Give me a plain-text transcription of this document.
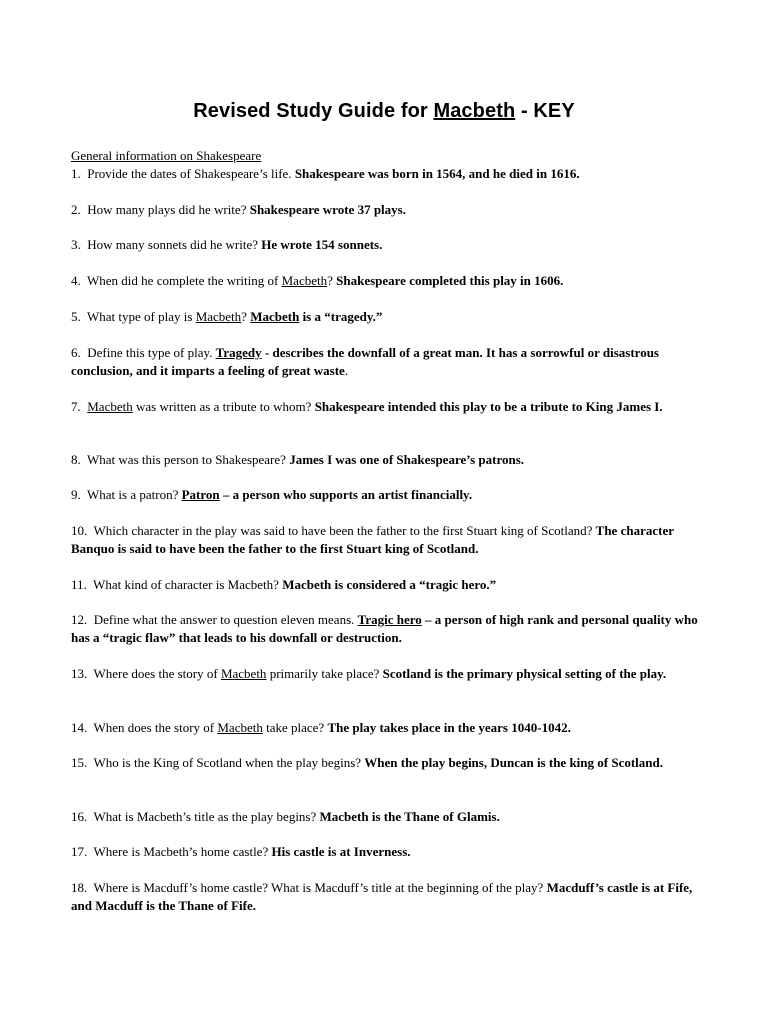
Revised Study Guide for Macbeth - KEY
General information on Shakespeare
1. Provide the dates of Shakespeare’s life. Shakespeare was born in 1564, and he died in 1616.
2. How many plays did he write? Shakespeare wrote 37 plays.
3. How many sonnets did he write? He wrote 154 sonnets.
4. When did he complete the writing of Macbeth? Shakespeare completed this play in 1606.
5. What type of play is Macbeth? Macbeth is a “tragedy.”
6. Define this type of play. Tragedy - describes the downfall of a great man. It has a sorrowful or disastrous conclusion, and it imparts a feeling of great waste.
7. Macbeth was written as a tribute to whom? Shakespeare intended this play to be a tribute to King James I.
8. What was this person to Shakespeare? James I was one of Shakespeare’s patrons.
9. What is a patron? Patron – a person who supports an artist financially.
10. Which character in the play was said to have been the father to the first Stuart king of Scotland? The character Banquo is said to have been the father to the first Stuart king of Scotland.
11. What kind of character is Macbeth? Macbeth is considered a “tragic hero.”
12. Define what the answer to question eleven means. Tragic hero – a person of high rank and personal quality who has a “tragic flaw” that leads to his downfall or destruction.
13. Where does the story of Macbeth primarily take place? Scotland is the primary physical setting of the play.
14. When does the story of Macbeth take place? The play takes place in the years 1040-1042.
15. Who is the King of Scotland when the play begins? When the play begins, Duncan is the king of Scotland.
16. What is Macbeth’s title as the play begins? Macbeth is the Thane of Glamis.
17. Where is Macbeth’s home castle? His castle is at Inverness.
18. Where is Macduff’s home castle? What is Macduff’s title at the beginning of the play? Macduff’s castle is at Fife, and Macduff is the Thane of Fife.
